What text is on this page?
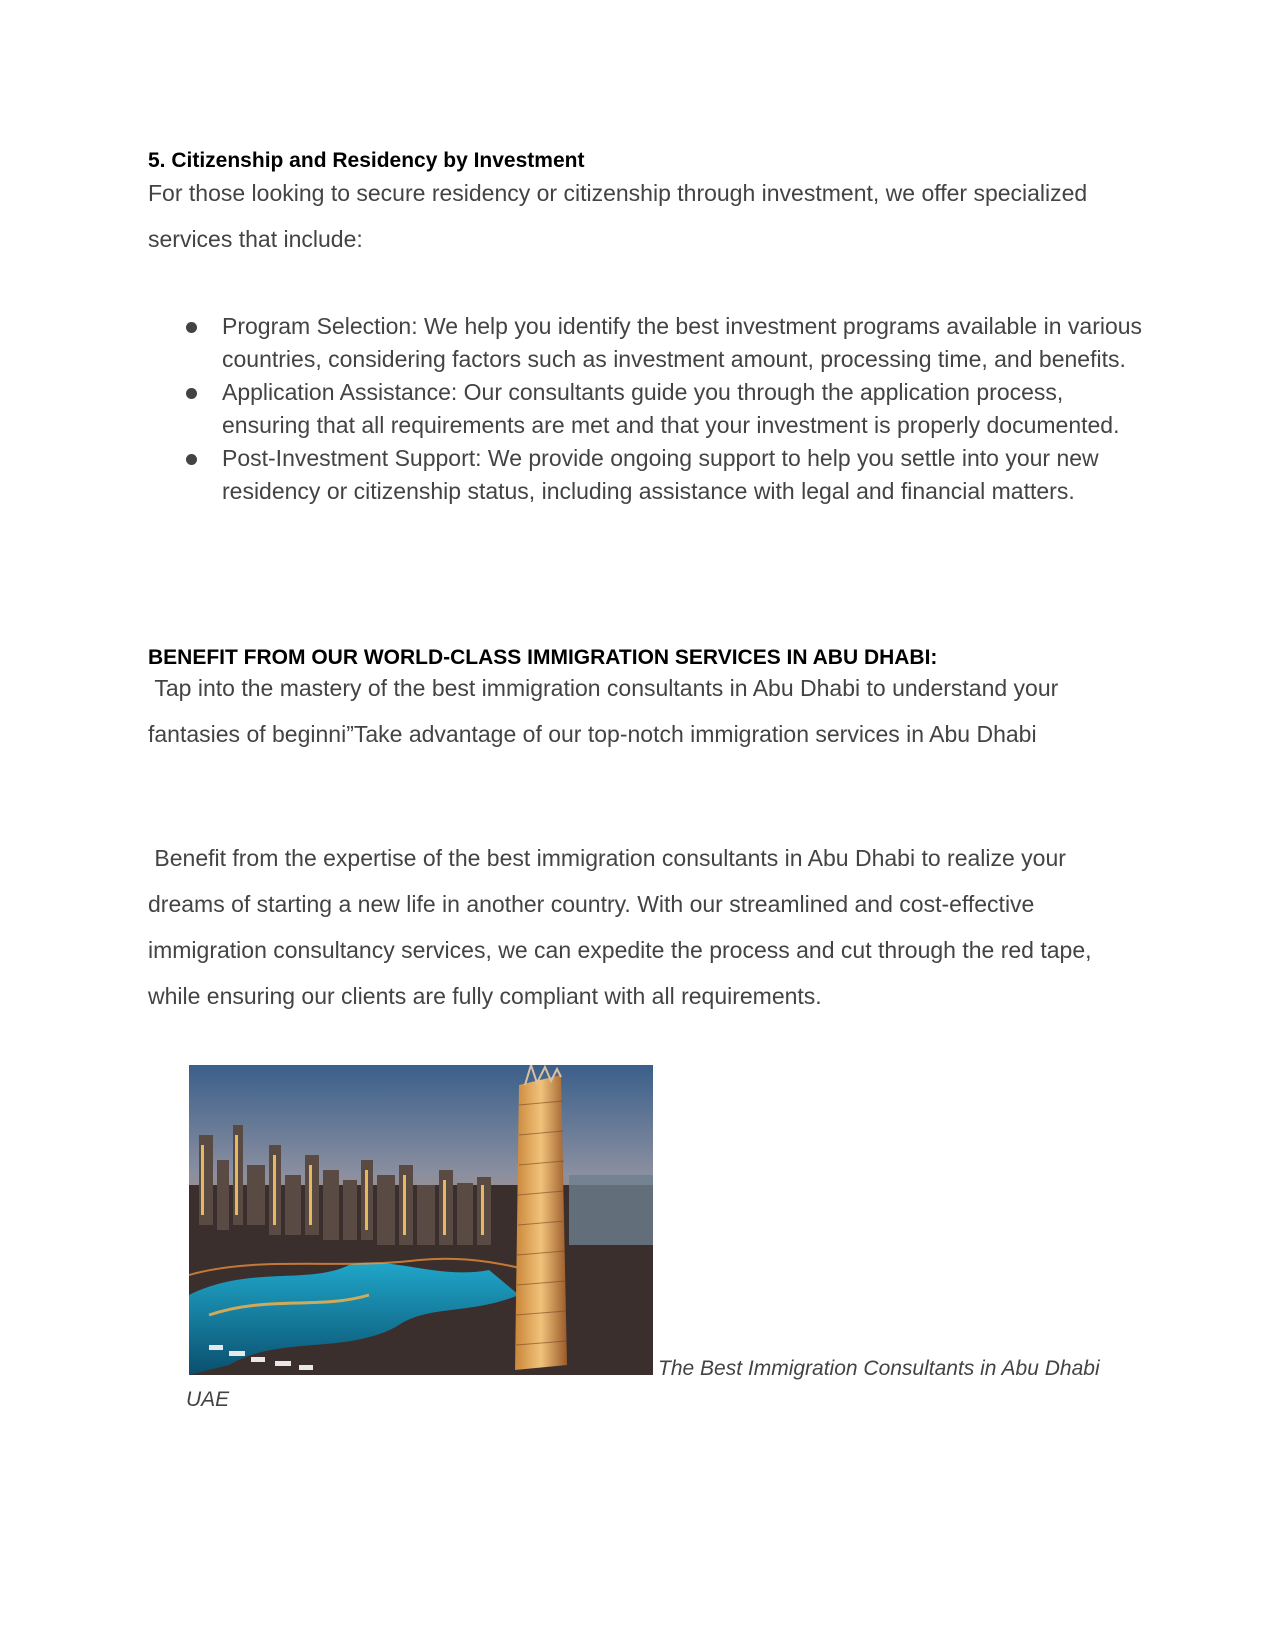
5. Citizenship and Residency by Investment

For those looking to secure residency or citizenship through investment, we offer specialized services that include:

Program Selection: We help you identify the best investment programs available in various countries, considering factors such as investment amount, processing time, and benefits.
Application Assistance: Our consultants guide you through the application process, ensuring that all requirements are met and that your investment is properly documented.
Post-Investment Support: We provide ongoing support to help you settle into your new residency or citizenship status, including assistance with legal and financial matters.
BENEFIT FROM OUR WORLD-CLASS IMMIGRATION SERVICES IN ABU DHABI:

Tap into the mastery of the best immigration consultants in Abu Dhabi to understand your fantasies of beginni”Take advantage of our top-notch immigration services in Abu Dhabi

Benefit from the expertise of the best immigration consultants in Abu Dhabi to realize your dreams of starting a new life in another country. With our streamlined and cost-effective immigration consultancy services, we can expedite the process and cut through the red tape, while ensuring our clients are fully compliant with all requirements.

The Best Immigration Consultants in Abu Dhabi
UAE
